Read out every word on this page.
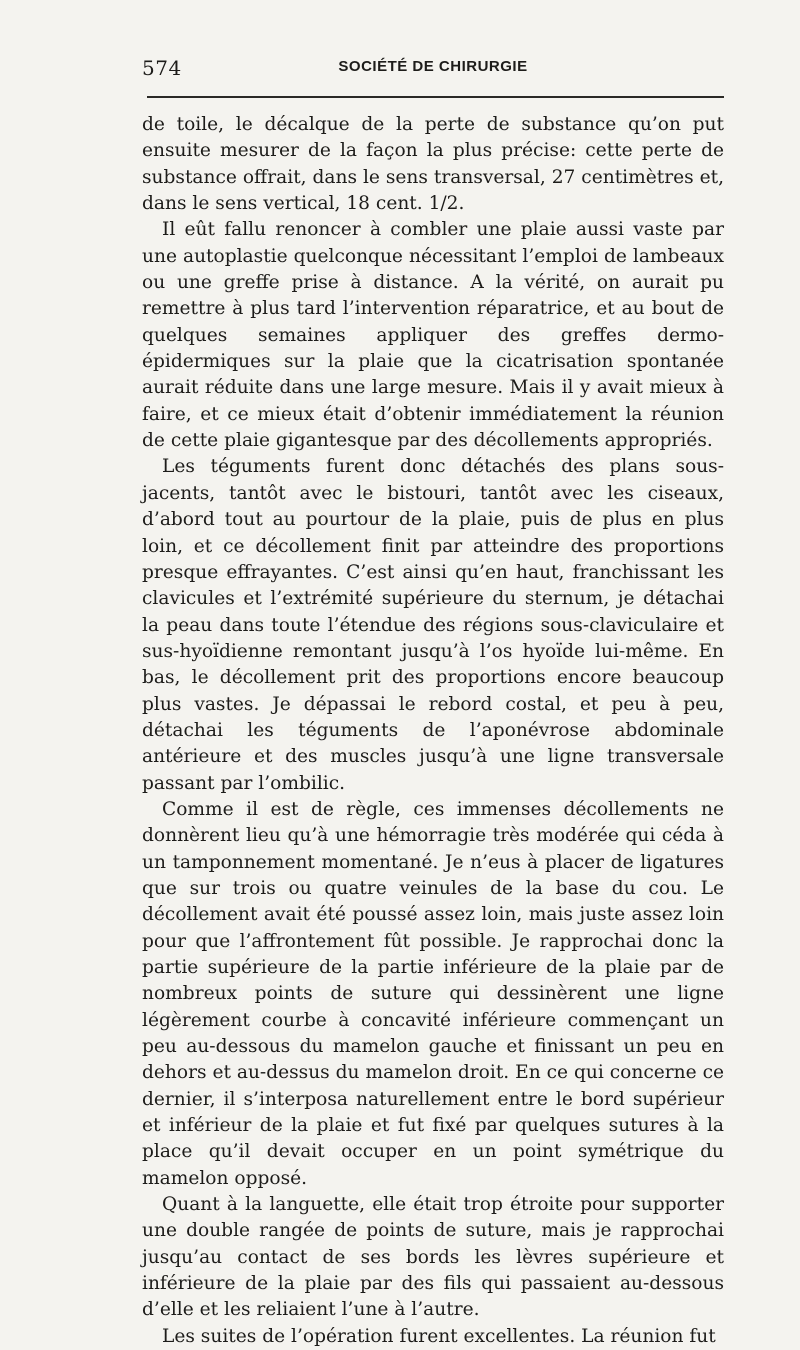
574	SOCIÉTÉ DE CHIRURGIE

de toile, le décalque de la perte de substance qu’on put ensuite mesurer de la façon la plus précise: cette perte de substance offrait, dans le sens transversal, 27 centimètres et, dans le sens vertical, 18 cent. 1/2.

Il eût fallu renoncer à combler une plaie aussi vaste par une autoplastie quelconque nécessitant l’emploi de lambeaux ou une greffe prise à distance. A la vérité, on aurait pu remettre à plus tard l’intervention réparatrice, et au bout de quelques semaines appliquer des greffes dermo-épidermiques sur la plaie que la cicatrisation spontanée aurait réduite dans une large mesure. Mais il y avait mieux à faire, et ce mieux était d’obtenir immédiatement la réunion de cette plaie gigantesque par des décollements appropriés.

Les téguments furent donc détachés des plans sous-jacents, tantôt avec le bistouri, tantôt avec les ciseaux, d’abord tout au pourtour de la plaie, puis de plus en plus loin, et ce décollement finit par atteindre des proportions presque effrayantes. C’est ainsi qu’en haut, franchissant les clavicules et l’extrémité supérieure du sternum, je détachai la peau dans toute l’étendue des régions sous-claviculaire et sus-hyoïdienne remontant jusqu’à l’os hyoïde lui-même. En bas, le décollement prit des proportions encore beaucoup plus vastes. Je dépassai le rebord costal, et peu à peu, détachai les téguments de l’aponévrose abdominale antérieure et des muscles jusqu’à une ligne transversale passant par l’ombilic.

Comme il est de règle, ces immenses décollements ne donnèrent lieu qu’à une hémorragie très modérée qui céda à un tamponnement momentané. Je n’eus à placer de ligatures que sur trois ou quatre veinules de la base du cou. Le décollement avait été poussé assez loin, mais juste assez loin pour que l’affrontement fût possible. Je rapprochai donc la partie supérieure de la partie inférieure de la plaie par de nombreux points de suture qui dessinèrent une ligne légèrement courbe à concavité inférieure commençant un peu au-dessous du mamelon gauche et finissant un peu en dehors et au-dessus du mamelon droit. En ce qui concerne ce dernier, il s’interposa naturellement entre le bord supérieur et inférieur de la plaie et fut fixé par quelques sutures à la place qu’il devait occuper en un point symétrique du mamelon opposé.

Quant à la languette, elle était trop étroite pour supporter une double rangée de points de suture, mais je rapprochai jusqu’au contact de ses bords les lèvres supérieure et inférieure de la plaie par des fils qui passaient au-dessous d’elle et les reliaient l’une à l’autre.

Les suites de l’opération furent excellentes. La réunion fut
